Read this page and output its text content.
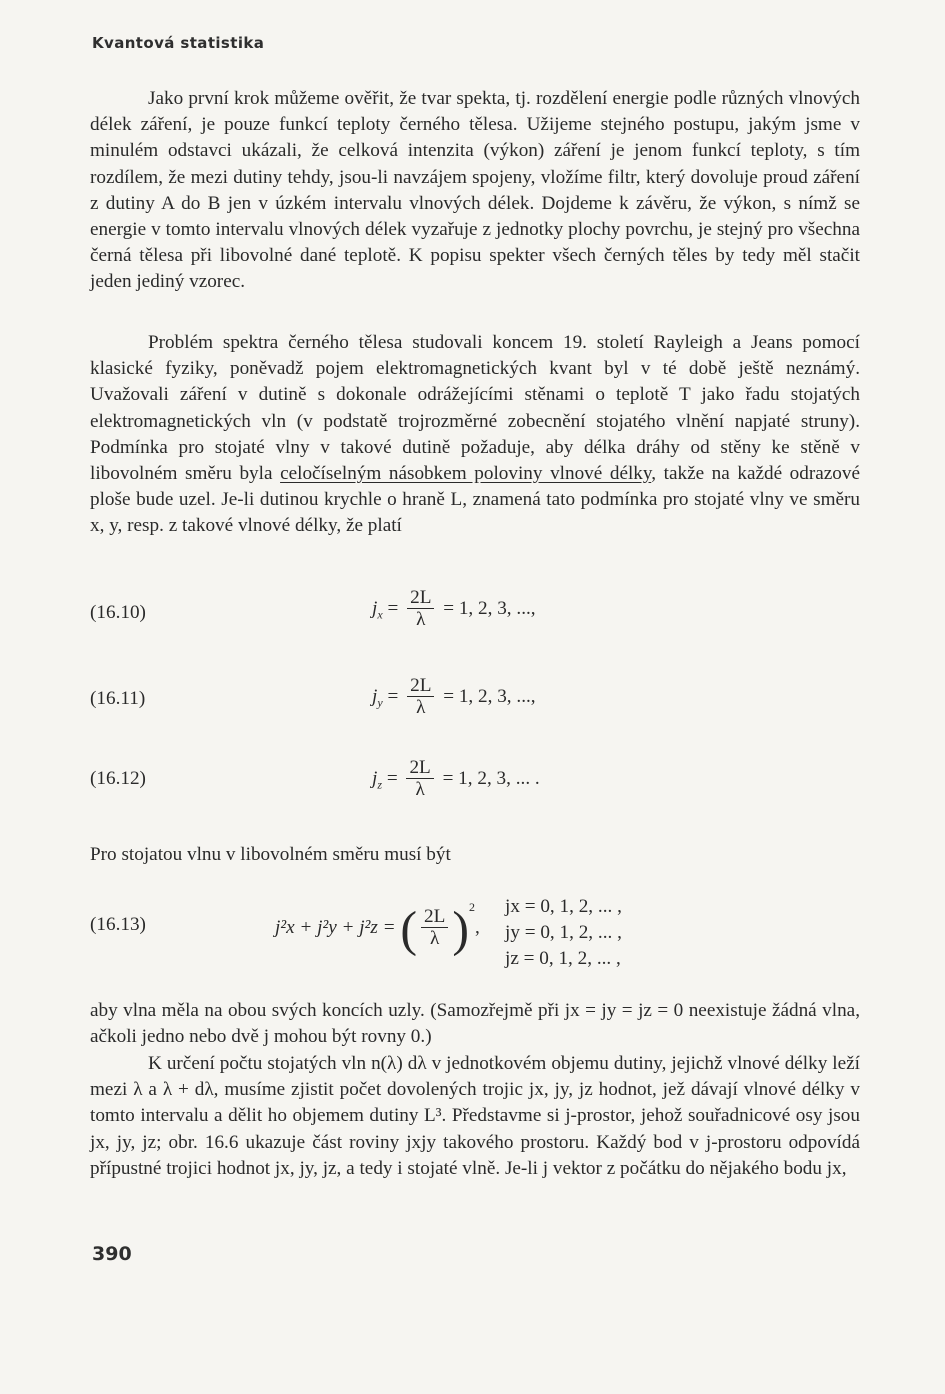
Kvantová statistika

Jako první krok můžeme ověřit, že tvar spekta, tj. rozdělení energie podle různých vlnových délek záření, je pouze funkcí teploty černého tělesa. Užijeme stejného postupu, jakým jsme v minulém odstavci ukázali, že celková intenzita (výkon) záření je jenom funkcí teploty, s tím rozdílem, že mezi dutiny tehdy, jsou-li navzájem spojeny, vložíme filtr, který dovoluje proud záření z dutiny A do B jen v úzkém intervalu vlnových délek. Dojdeme k závěru, že výkon, s nímž se energie v tomto intervalu vlnových délek vyzařuje z jednotky plochy povrchu, je stejný pro všechna černá tělesa při libovolné dané teplotě. K popisu spekter všech černých těles by tedy měl stačit jeden jediný vzorec.

Problém spektra černého tělesa studovali koncem 19. století Rayleigh a Jeans pomocí klasické fyziky, poněvadž pojem elektromagnetických kvant byl v té době ještě neznámý. Uvažovali záření v dutině s dokonale odrážejícími stěnami o teplotě T jako řadu stojatých elektromagnetických vln (v podstatě trojrozměrné zobecnění stojatého vlnění napjaté struny). Podmínka pro stojaté vlny v takové dutině požaduje, aby délka dráhy od stěny ke stěně v libovolném směru byla celočíselným násobkem poloviny vlnové délky, takže na každé odrazové ploše bude uzel. Je-li dutinou krychle o hraně L, znamená tato podmínka pro stojaté vlny ve směru x, y, resp. z takové vlnové délky, že platí

(16.10)	$j_x = \frac{2L}{\lambda} = 1$, 2, 3, ...,
(16.11)	$j_y = \frac{2L}{\lambda} = 1$, 2, 3, ...,
(16.12)	$j_z = \frac{2L}{\lambda} = 1$, 2, 3, ... .

Pro stojatou vlnu v libovolném směru musí být

(16.13)	j²x + j²y + j²z = ( $\frac{2L}{\lambda} )^2$,
jx = 0, 1, 2, ... ,
jy = 0, 1, 2, ... ,
jz = 0, 1, 2, ... ,

aby vlna měla na obou svých koncích uzly. (Samozřejmě při jx = jy = jz = 0 neexistuje žádná vlna, ačkoli jedno nebo dvě j mohou být rovny 0.)

K určení počtu stojatých vln n(λ) dλ v jednotkovém objemu dutiny, jejichž vlnové délky leží mezi λ a λ + dλ, musíme zjistit počet dovolených trojic jx, jy, jz hodnot, jež dávají vlnové délky v tomto intervalu a dělit ho objemem dutiny L³. Představme si j-prostor, jehož souřadnicové osy jsou jx, jy, jz; obr. 16.6 ukazuje část roviny jxjy takového prostoru. Každý bod v j-prostoru odpovídá přípustné trojici hodnot jx, jy, jz, a tedy i stojaté vlně. Je-li j vektor z počátku do nějakého bodu jx,

390
